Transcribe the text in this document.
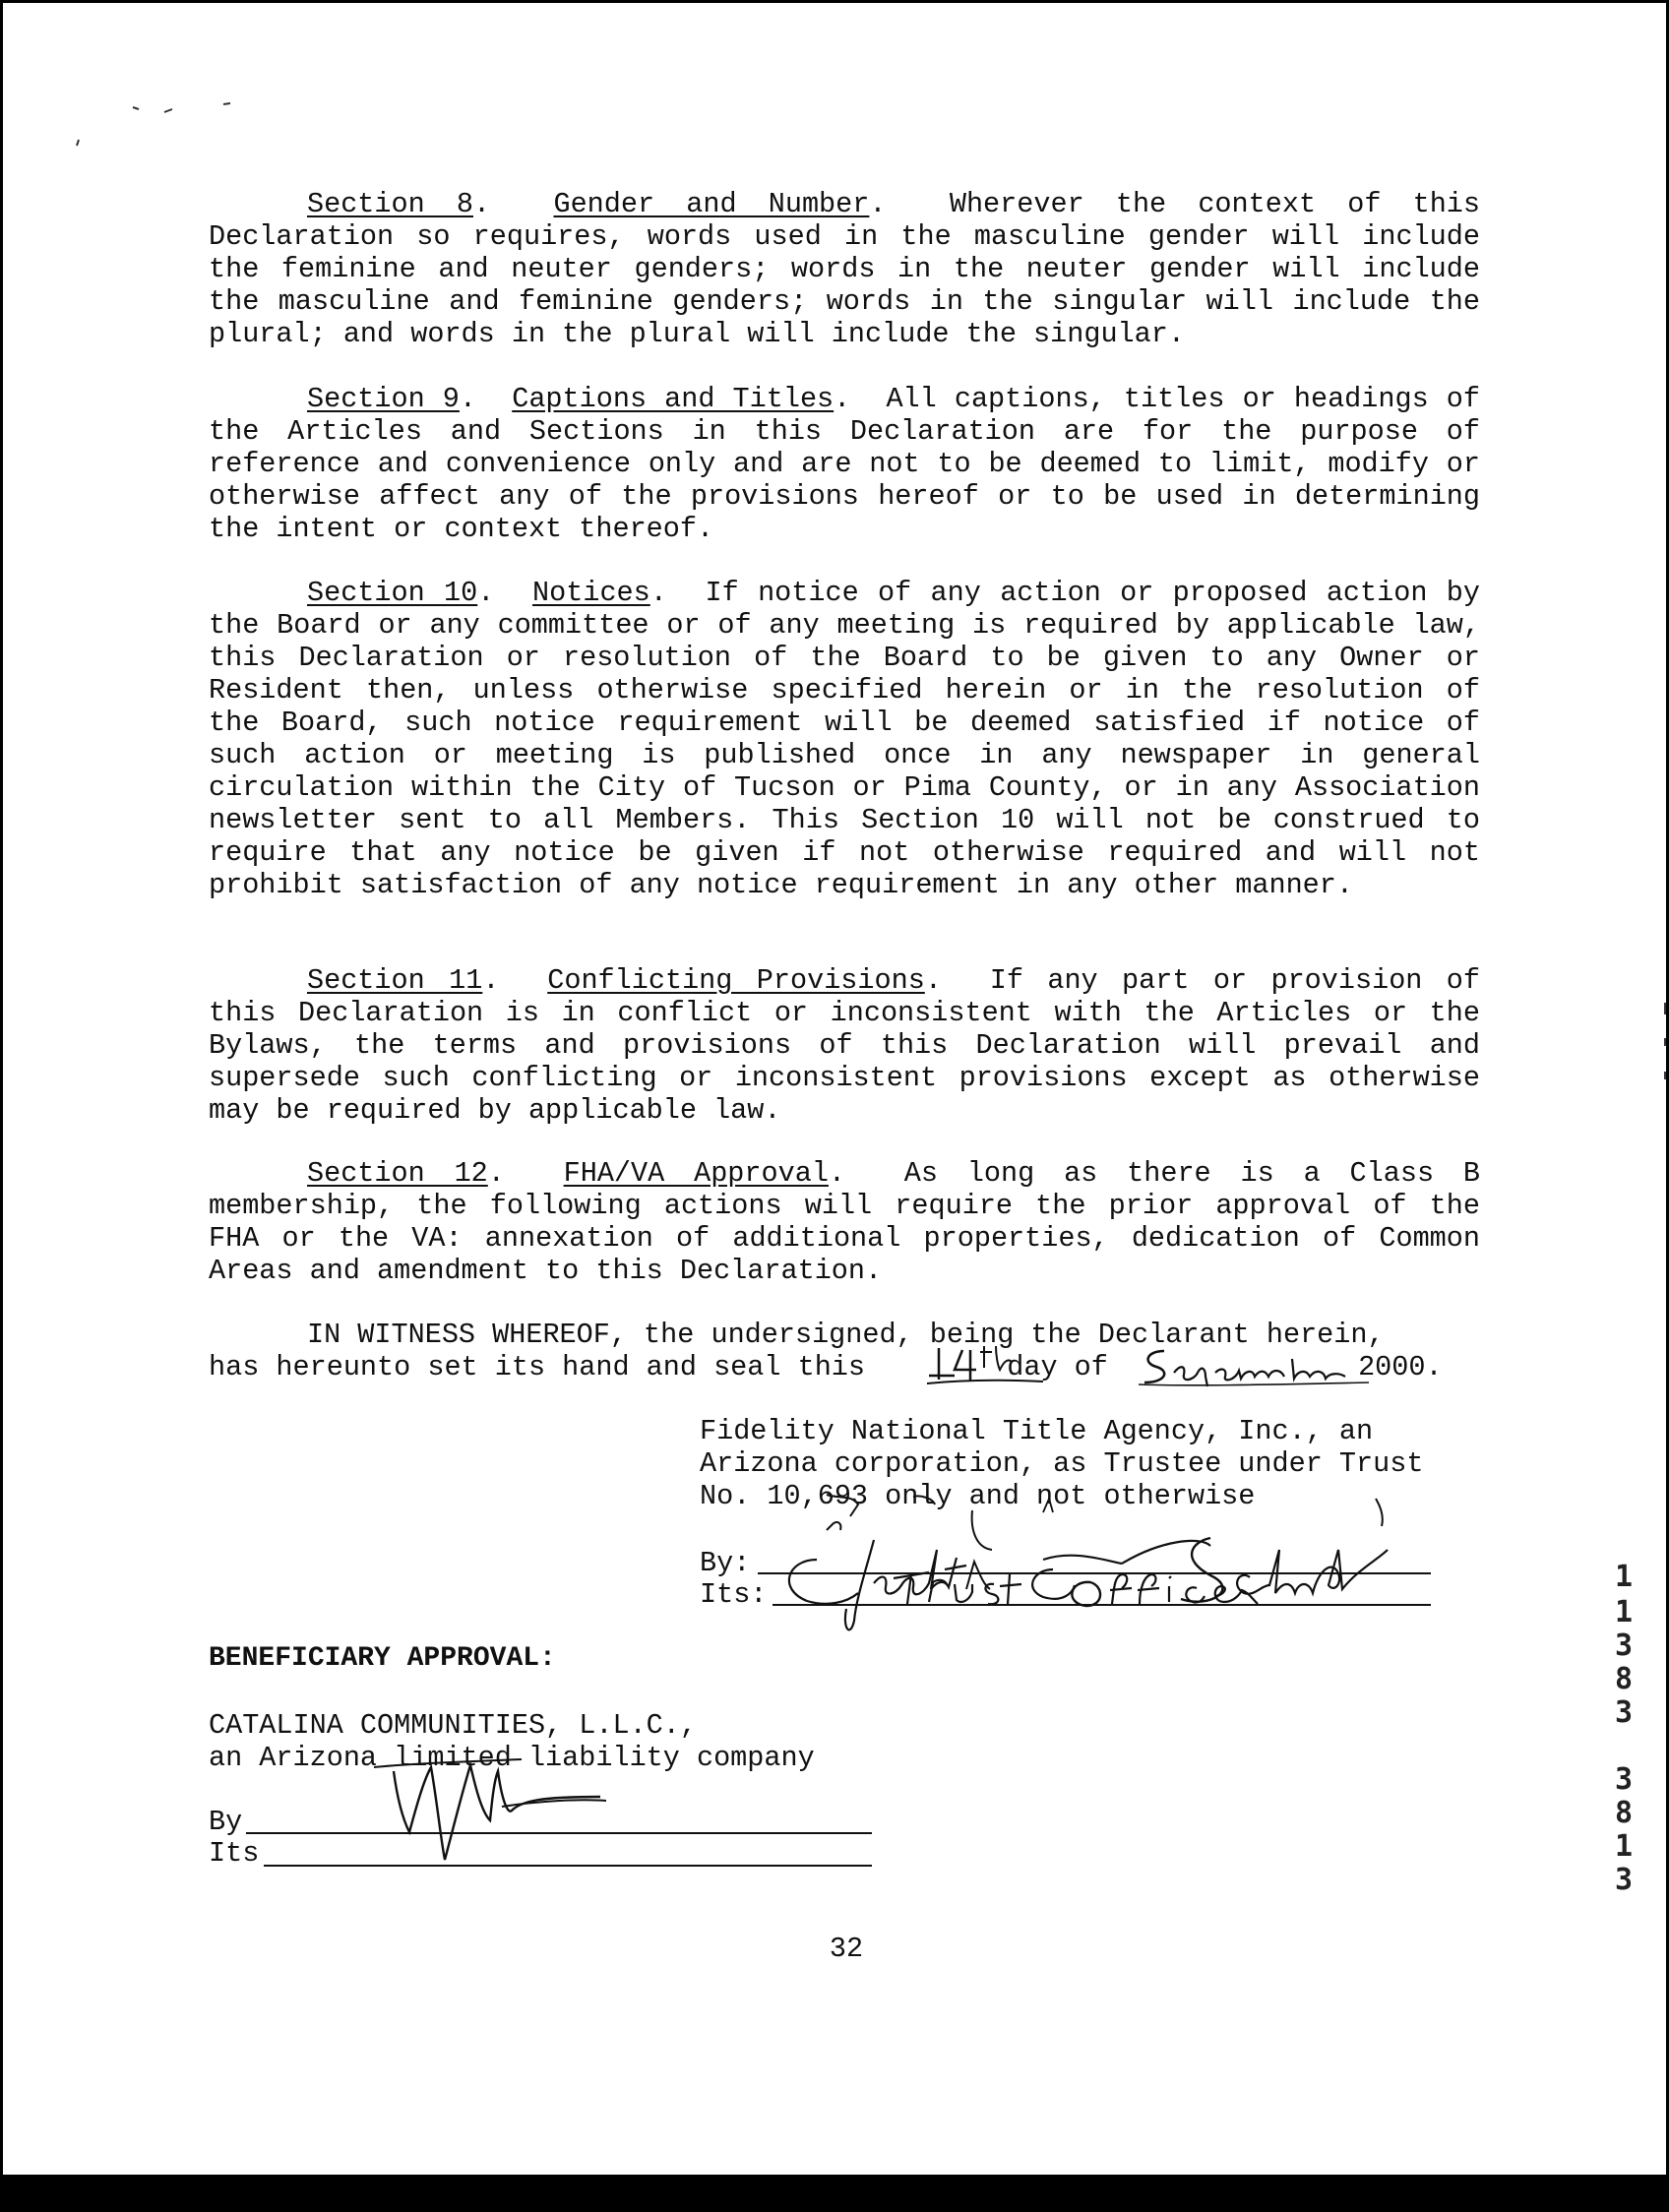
Section 8.  Gender and Number.  Wherever the context of this Declaration so requires, words used in the masculine gender will include the feminine and neuter genders; words in the neuter gender will include the masculine and feminine genders; words in the singular will include the plural; and words in the plural will include the singular.
Section 9.  Captions and Titles.  All captions, titles or headings of the Articles and Sections in this Declaration are for the purpose of reference and convenience only and are not to be deemed to limit, modify or otherwise affect any of the provisions hereof or to be used in determining the intent or context thereof.
Section 10.  Notices.  If notice of any action or proposed action by the Board or any committee or of any meeting is required by applicable law, this Declaration or resolution of the Board to be given to any Owner or Resident then, unless otherwise specified herein or in the resolution of the Board, such notice requirement will be deemed satisfied if notice of such action or meeting is published once in any newspaper in general circulation within the City of Tucson or Pima County, or in any Association newsletter sent to all Members. This Section 10 will not be construed to require that any notice be given if not otherwise required and will not prohibit satisfaction of any notice requirement in any other manner.
Section 11.  Conflicting Provisions.  If any part or provision of this Declaration is in conflict or inconsistent with the Articles or the Bylaws, the terms and provisions of this Declaration will prevail and supersede such conflicting or inconsistent provisions except as otherwise may be required by applicable law.
Section 12.  FHA/VA Approval.  As long as there is a Class B membership, the following actions will require the prior approval of the FHA or the VA: annexation of additional properties, dedication of Common Areas and amendment to this Declaration.
IN WITNESS WHEREOF, the undersigned, being the Declarant herein,
has hereunto set its hand and seal this	day of	2000.
Fidelity National Title Agency, Inc., an
Arizona corporation, as Trustee under Trust
No. 10,693 only and not otherwise
By:
Its:
BENEFICIARY APPROVAL:
CATALINA COMMUNITIES, L.L.C.,
an Arizona limited liability company
By
Its
32
1
1
3
8
3
3
8
1
3
